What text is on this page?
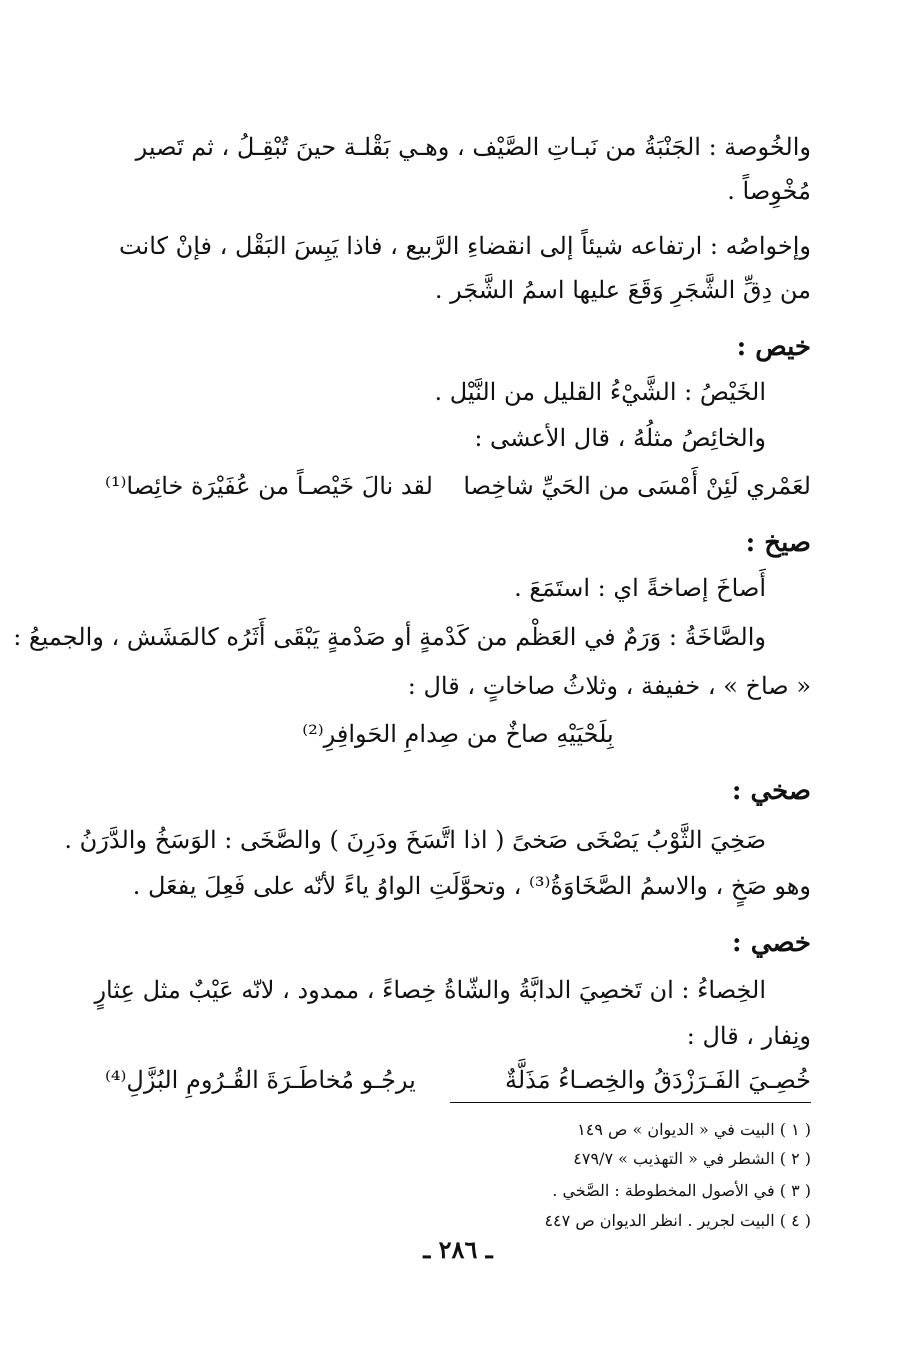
والخُوصة : الجَنْبَةُ من نَبـاتِ الصَّيْف ، وهـي بَقْلـة حينَ تُبْقِـلُ ، ثم تَصير
مُخْوِصاً .
وإخواصُه : ارتفاعه شيئاً إلى انقضاءِ الرَّبيع ، فاذا يَبِسَ البَقْل ، فإنْ كانت
من دِقِّ الشَّجَرِ وَقَعَ عليها اسمُ الشَّجَر .
خيص :
الخَيْصُ : الشَّيْءُ القليل من النَّيْل .
والخائِصُ مثلُهُ ، قال الأعشى :
لعَمْري لَئِنْ أَمْسَى من الحَيِّ شاخِصا
لقد نالَ خَيْصـاً من عُفَيْرَة خائِصا⁽¹⁾
صيخ :
أَصاخَ إصاخةً اي : استَمَعَ .
والصَّاخَةُ : وَرَمٌ في العَظْم من كَدْمةٍ أو صَدْمةٍ يَبْقَى أَثَرُه كالمَشَش ، والجميعُ :
« صاخ » ، خفيفة ، وثلاثُ صاخاتٍ ، قال :
بِلَحْيَيْهِ صاخٌ من صِدامِ الحَوافِرِ⁽²⁾
صخي :
صَخِيَ الثَّوْبُ يَصْخَى صَخىً ( اذا اتَّسَخَ ودَرِنَ ) والصَّخَى : الوَسَخُ والدَّرَنُ .
وهو صَخٍ ، والاسمُ الصَّخَاوَةُ⁽³⁾ ، وتحوَّلَتِ الواوُ ياءً لأنّه على فَعِلَ يفعَل .
خصي :
الخِصاءُ : ان تَخصِيَ الدابَّةُ والشّاةُ خِصاءً ، ممدود ، لانّه عَيْبٌ مثل عِثارٍ
ونِفار ، قال :
خُصِـيَ الفَـرَزْدَقُ والخِصـاءُ مَذَلَّةٌ
يرجُـو مُخاطَـرَةَ القُـرُومِ البُزَّلِ⁽⁴⁾
( ١ ) البيت في « الديوان » ص ١٤٩
( ٢ ) الشطر في « التهذيب » ٤٧٩/٧
( ٣ ) في الأصول المخطوطة : الصَّخي .
( ٤ ) البيت لجرير . انظر الديوان ص ٤٤٧
ـ ٢٨٦ ـ
